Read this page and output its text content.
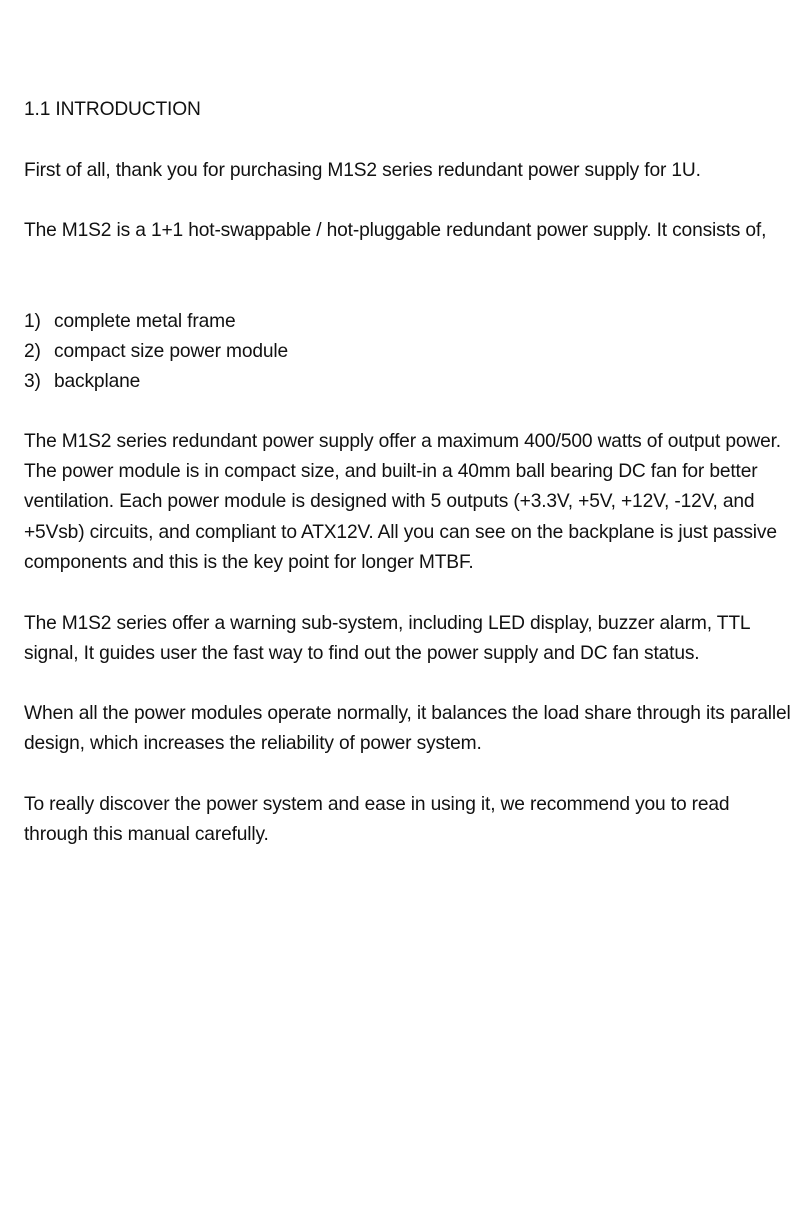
1.1 INTRODUCTION

First of all, thank you for purchasing M1S2 series redundant power supply for 1U.

The M1S2 is a 1+1 hot-swappable / hot-pluggable redundant power supply. It consists of,

1) complete metal frame
2) compact size power module
3) backplane

The M1S2 series redundant power supply offer a maximum 400/500 watts of output power. The power module is in compact size, and built-in a 40mm ball bearing DC fan for better ventilation. Each power module is designed with 5 outputs (+3.3V, +5V, +12V, -12V, and +5Vsb) circuits, and compliant to ATX12V. All you can see on the backplane is just passive components and this is the key point for longer MTBF.

The M1S2 series offer a warning sub-system, including LED display, buzzer alarm, TTL signal, It guides user the fast way to find out the power supply and DC fan status.

When all the power modules operate normally, it balances the load share through its parallel design, which increases the reliability of power system.

To really discover the power system and ease in using it, we recommend you to read through this manual carefully.
